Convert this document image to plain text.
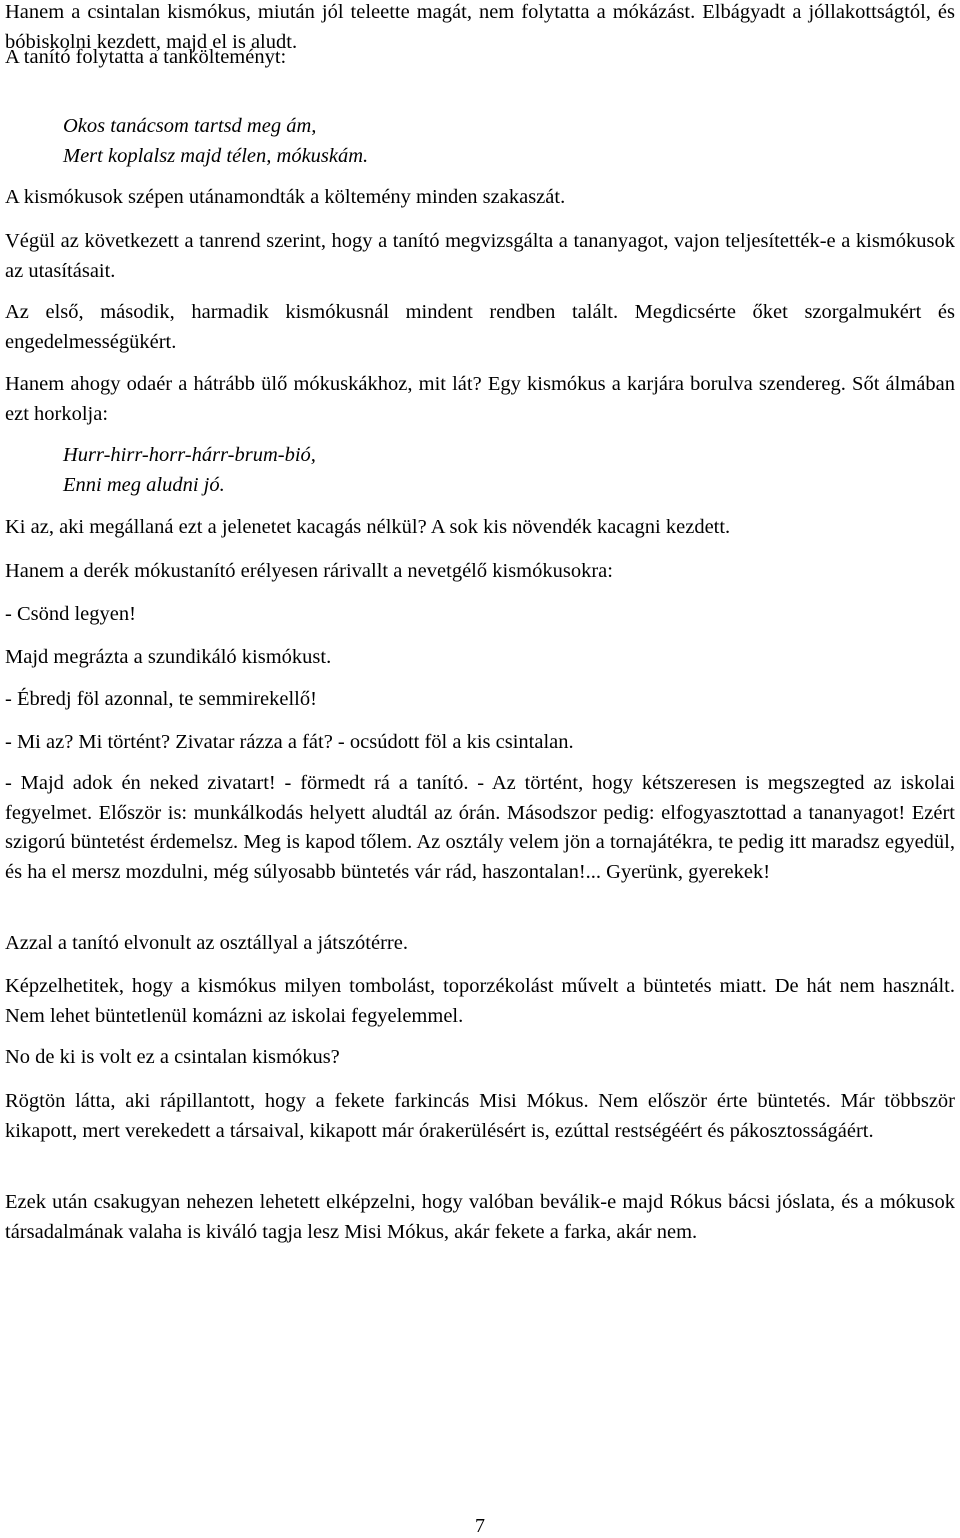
Hanem a csintalan kismókus, miután jól teleette magát, nem folytatta a mókázást. Elbágyadt a jóllakottságtól, és bóbiskolni kezdett, majd el is aludt.

A tanító folytatta a tankölteményt:

Okos tanácsom tartsd meg ám,
Mert koplalsz majd télen, mókuskám.

A kismókusok szépen utánamondták a költemény minden szakaszát.

Végül az következett a tanrend szerint, hogy a tanító megvizsgálta a tananyagot, vajon teljesítették-e a kismókusok az utasításait.

Az első, második, harmadik kismókusnál mindent rendben talált. Megdicsérte őket szorgalmukért és engedelmességükért.

Hanem ahogy odaér a hátrább ülő mókuskákhoz, mit lát? Egy kismókus a karjára borulva szendereg. Sőt álmában ezt horkolja:

Hurr-hirr-horr-hárr-brum-bió,
Enni meg aludni jó.

Ki az, aki megállaná ezt a jelenetet kacagás nélkül? A sok kis növendék kacagni kezdett.

Hanem a derék mókustanító erélyesen rárivallt a nevetgélő kismókusokra:

- Csönd legyen!

Majd megrázta a szundikáló kismókust.

- Ébredj föl azonnal, te semmirekellő!

- Mi az? Mi történt? Zivatar rázza a fát? - ocsúdott föl a kis csintalan.

- Majd adok én neked zivatart! - förmedt rá a tanító. - Az történt, hogy kétszeresen is megszegted az iskolai fegyelmet. Először is: munkálkodás helyett aludtál az órán. Másodszor pedig: elfogyasztottad a tananyagot! Ezért szigorú büntetést érdemelsz. Meg is kapod tőlem. Az osztály velem jön a tornajátékra, te pedig itt maradsz egyedül, és ha el mersz mozdulni, még súlyosabb büntetés vár rád, haszontalan!... Gyerünk, gyerekek!

Azzal a tanító elvonult az osztállyal a játszótérre.

Képzelhetitek, hogy a kismókus milyen tombolást, toporzékolást művelt a büntetés miatt. De hát nem használt. Nem lehet büntetlenül komázni az iskolai fegyelemmel.

No de ki is volt ez a csintalan kismókus?

Rögtön látta, aki rápillantott, hogy a fekete farkincás Misi Mókus. Nem először érte büntetés. Már többször kikapott, mert verekedett a társaival, kikapott már órakerülésért is, ezúttal restségéért és pákosztosságáért.

Ezek után csakugyan nehezen lehetett elképzelni, hogy valóban beválik-e majd Rókus bácsi jóslata, és a mókusok társadalmának valaha is kiváló tagja lesz Misi Mókus, akár fekete a farka, akár nem.

7
